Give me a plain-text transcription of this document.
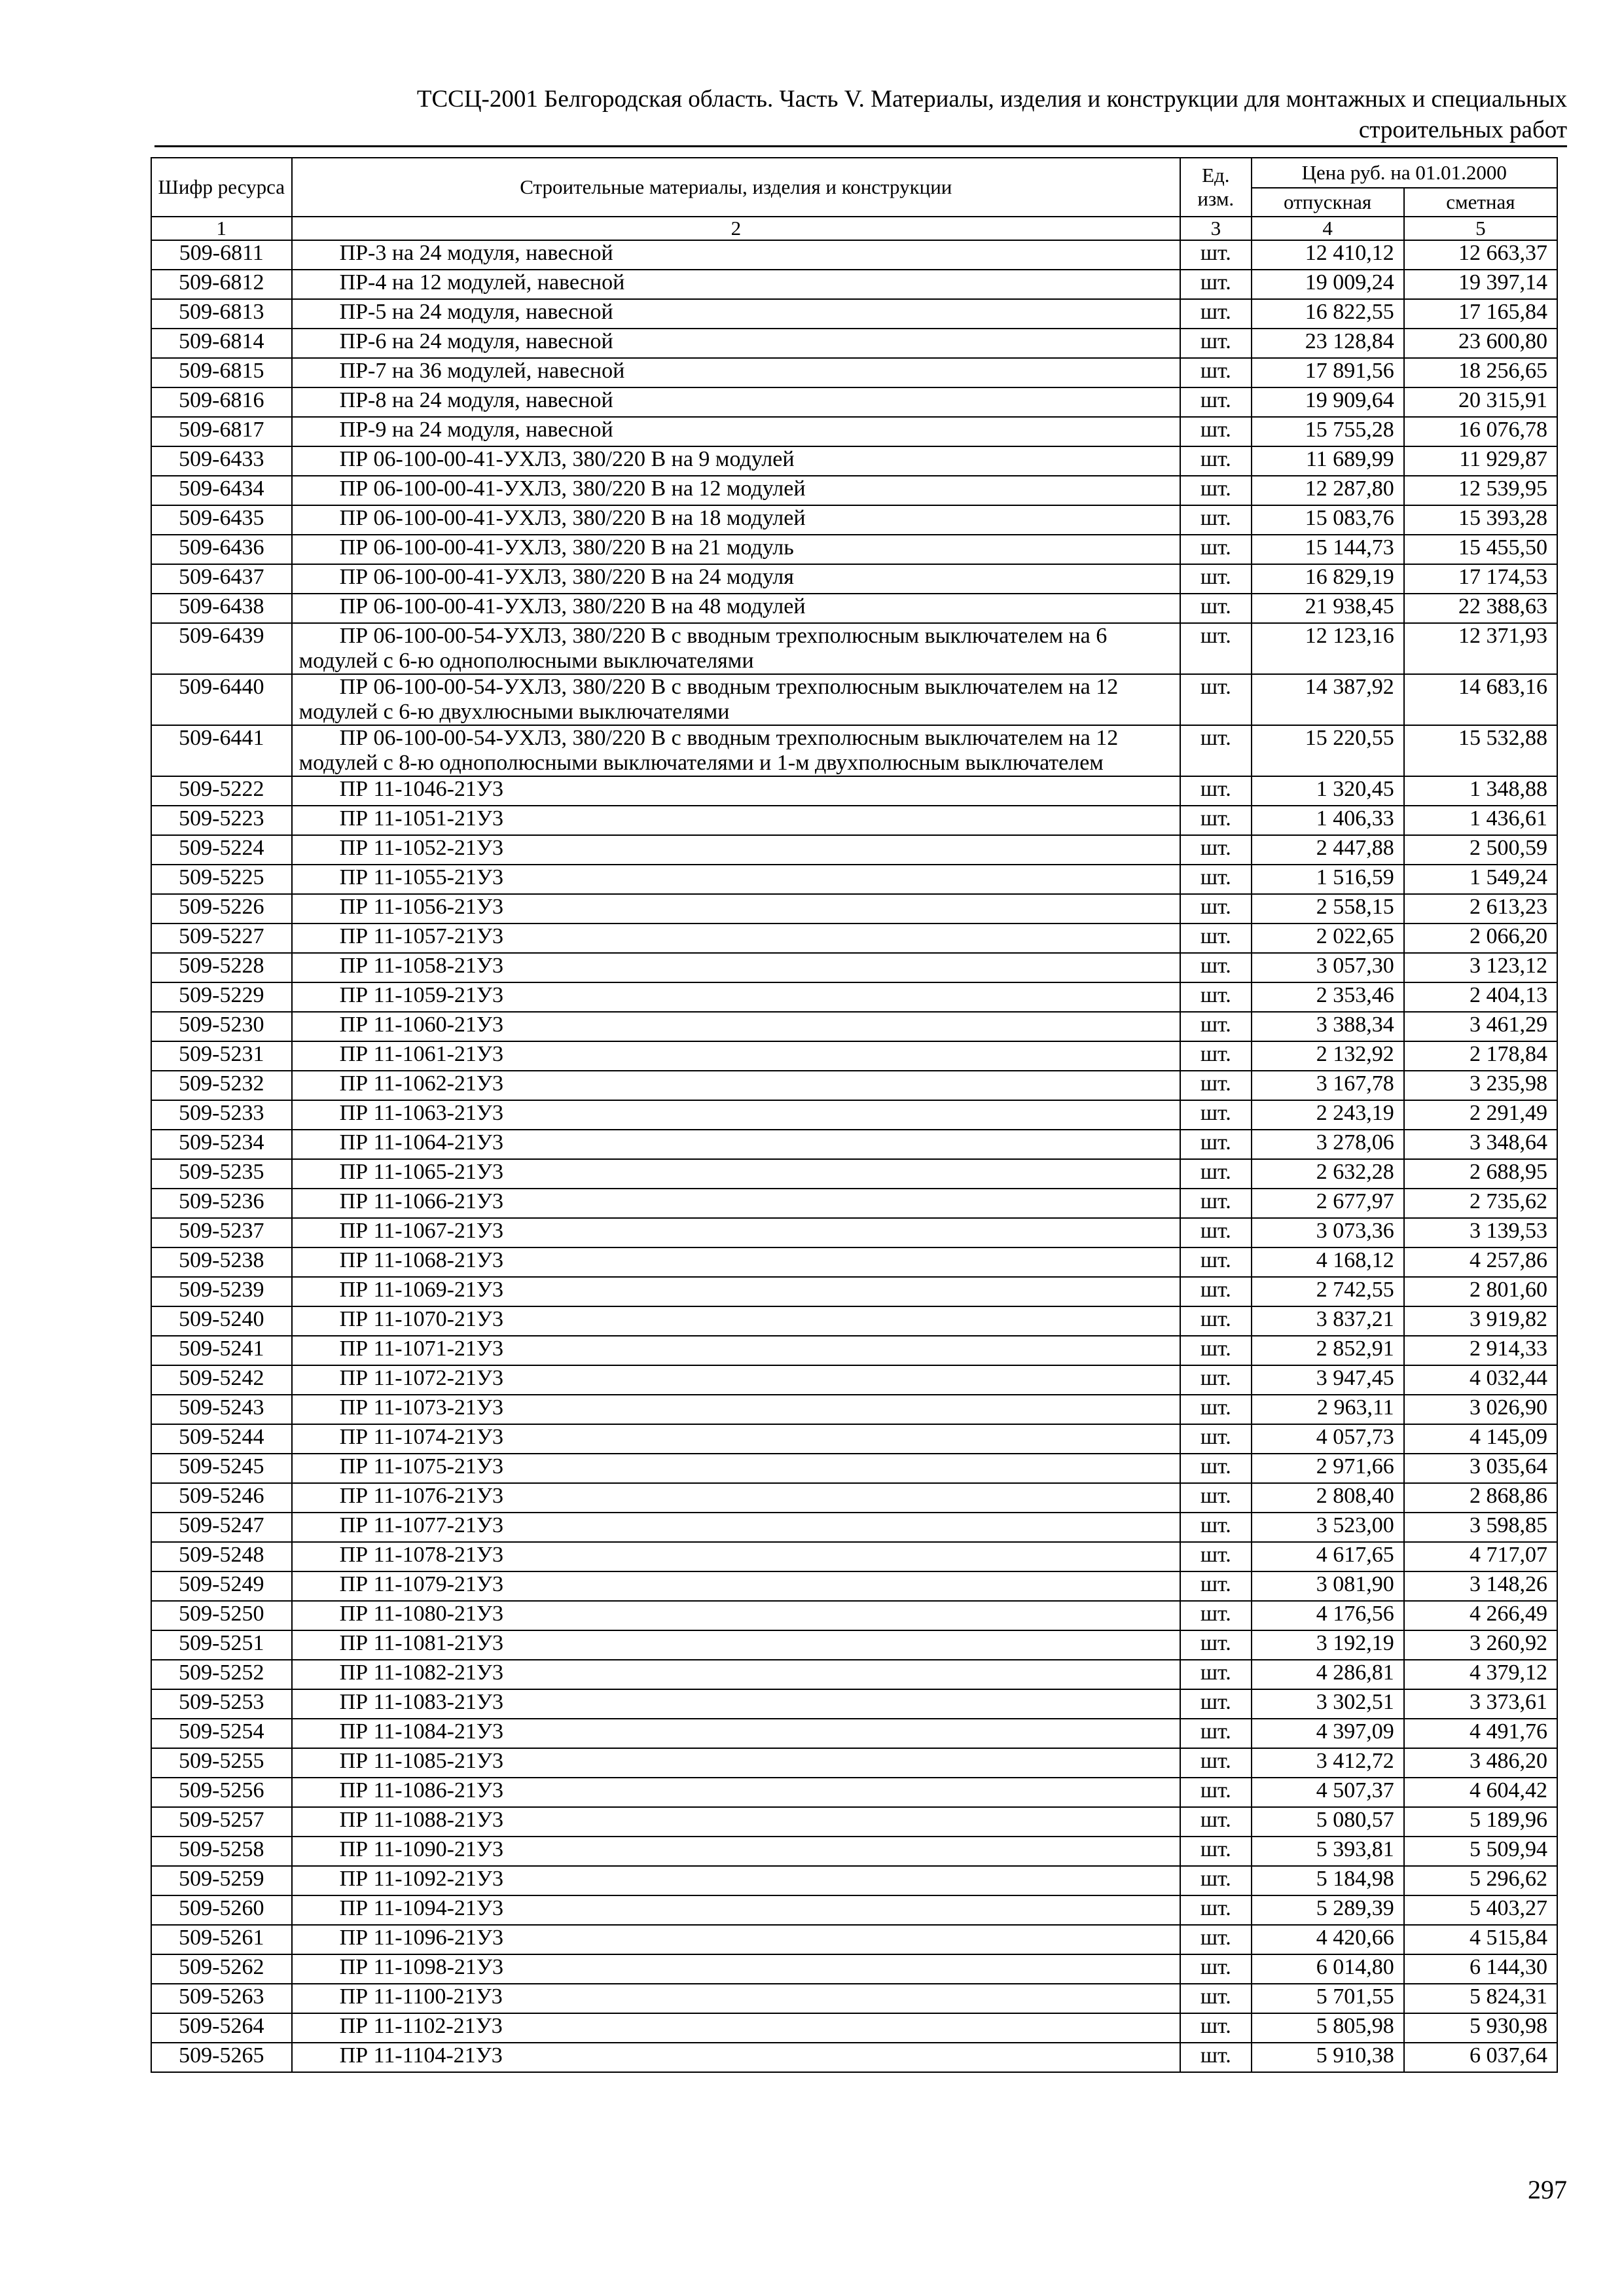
ТССЦ-2001 Белгородская область. Часть V. Материалы, изделия и конструкции для монтажных и специальных
строительных работ
Шифр ресурса	Строительные материалы, изделия и конструкции	Ед. изм.	Цена руб. на 01.01.2000	
			отпускная	сметная
1	2	3	4	5
509-6811	ПР-3 на 24 модуля, навесной	шт.	12 410,12	12 663,37
509-6812	ПР-4 на 12 модулей, навесной	шт.	19 009,24	19 397,14
509-6813	ПР-5 на 24 модуля, навесной	шт.	16 822,55	17 165,84
509-6814	ПР-6 на 24 модуля, навесной	шт.	23 128,84	23 600,80
509-6815	ПР-7 на 36 модулей, навесной	шт.	17 891,56	18 256,65
509-6816	ПР-8 на 24 модуля, навесной	шт.	19 909,64	20 315,91
509-6817	ПР-9 на 24 модуля, навесной	шт.	15 755,28	16 076,78
509-6433	ПР 06-100-00-41-УХЛ3, 380/220 В на 9 модулей	шт.	11 689,99	11 929,87
509-6434	ПР 06-100-00-41-УХЛ3, 380/220 В на 12 модулей	шт.	12 287,80	12 539,95
509-6435	ПР 06-100-00-41-УХЛ3, 380/220 В на 18 модулей	шт.	15 083,76	15 393,28
509-6436	ПР 06-100-00-41-УХЛ3, 380/220 В на 21 модуль	шт.	15 144,73	15 455,50
509-6437	ПР 06-100-00-41-УХЛ3, 380/220 В на 24 модуля	шт.	16 829,19	17 174,53
509-6438	ПР 06-100-00-41-УХЛ3, 380/220 В на 48 модулей	шт.	21 938,45	22 388,63
509-6439	ПР 06-100-00-54-УХЛ3, 380/220 В с вводным трехполюсным выключателем на 6 модулей с 6-ю однополюсными выключателями	шт.	12 123,16	12 371,93
509-6440	ПР 06-100-00-54-УХЛ3, 380/220 В с вводным трехполюсным выключателем на 12 модулей с 6-ю двухлюсными выключателями	шт.	14 387,92	14 683,16
509-6441	ПР 06-100-00-54-УХЛ3, 380/220 В с вводным трехполюсным выключателем на 12 модулей с 8-ю однополюсными выключателями и 1-м двухполюсным выключателем	шт.	15 220,55	15 532,88
509-5222	ПР 11-1046-21У3	шт.	1 320,45	1 348,88
509-5223	ПР 11-1051-21У3	шт.	1 406,33	1 436,61
509-5224	ПР 11-1052-21У3	шт.	2 447,88	2 500,59
509-5225	ПР 11-1055-21У3	шт.	1 516,59	1 549,24
509-5226	ПР 11-1056-21У3	шт.	2 558,15	2 613,23
509-5227	ПР 11-1057-21У3	шт.	2 022,65	2 066,20
509-5228	ПР 11-1058-21У3	шт.	3 057,30	3 123,12
509-5229	ПР 11-1059-21У3	шт.	2 353,46	2 404,13
509-5230	ПР 11-1060-21У3	шт.	3 388,34	3 461,29
509-5231	ПР 11-1061-21У3	шт.	2 132,92	2 178,84
509-5232	ПР 11-1062-21У3	шт.	3 167,78	3 235,98
509-5233	ПР 11-1063-21У3	шт.	2 243,19	2 291,49
509-5234	ПР 11-1064-21У3	шт.	3 278,06	3 348,64
509-5235	ПР 11-1065-21У3	шт.	2 632,28	2 688,95
509-5236	ПР 11-1066-21У3	шт.	2 677,97	2 735,62
509-5237	ПР 11-1067-21У3	шт.	3 073,36	3 139,53
509-5238	ПР 11-1068-21У3	шт.	4 168,12	4 257,86
509-5239	ПР 11-1069-21У3	шт.	2 742,55	2 801,60
509-5240	ПР 11-1070-21У3	шт.	3 837,21	3 919,82
509-5241	ПР 11-1071-21У3	шт.	2 852,91	2 914,33
509-5242	ПР 11-1072-21У3	шт.	3 947,45	4 032,44
509-5243	ПР 11-1073-21У3	шт.	2 963,11	3 026,90
509-5244	ПР 11-1074-21У3	шт.	4 057,73	4 145,09
509-5245	ПР 11-1075-21У3	шт.	2 971,66	3 035,64
509-5246	ПР 11-1076-21У3	шт.	2 808,40	2 868,86
509-5247	ПР 11-1077-21У3	шт.	3 523,00	3 598,85
509-5248	ПР 11-1078-21У3	шт.	4 617,65	4 717,07
509-5249	ПР 11-1079-21У3	шт.	3 081,90	3 148,26
509-5250	ПР 11-1080-21У3	шт.	4 176,56	4 266,49
509-5251	ПР 11-1081-21У3	шт.	3 192,19	3 260,92
509-5252	ПР 11-1082-21У3	шт.	4 286,81	4 379,12
509-5253	ПР 11-1083-21У3	шт.	3 302,51	3 373,61
509-5254	ПР 11-1084-21У3	шт.	4 397,09	4 491,76
509-5255	ПР 11-1085-21У3	шт.	3 412,72	3 486,20
509-5256	ПР 11-1086-21У3	шт.	4 507,37	4 604,42
509-5257	ПР 11-1088-21У3	шт.	5 080,57	5 189,96
509-5258	ПР 11-1090-21У3	шт.	5 393,81	5 509,94
509-5259	ПР 11-1092-21У3	шт.	5 184,98	5 296,62
509-5260	ПР 11-1094-21У3	шт.	5 289,39	5 403,27
509-5261	ПР 11-1096-21У3	шт.	4 420,66	4 515,84
509-5262	ПР 11-1098-21У3	шт.	6 014,80	6 144,30
509-5263	ПР 11-1100-21У3	шт.	5 701,55	5 824,31
509-5264	ПР 11-1102-21У3	шт.	5 805,98	5 930,98
509-5265	ПР 11-1104-21У3	шт.	5 910,38	6 037,64
297
